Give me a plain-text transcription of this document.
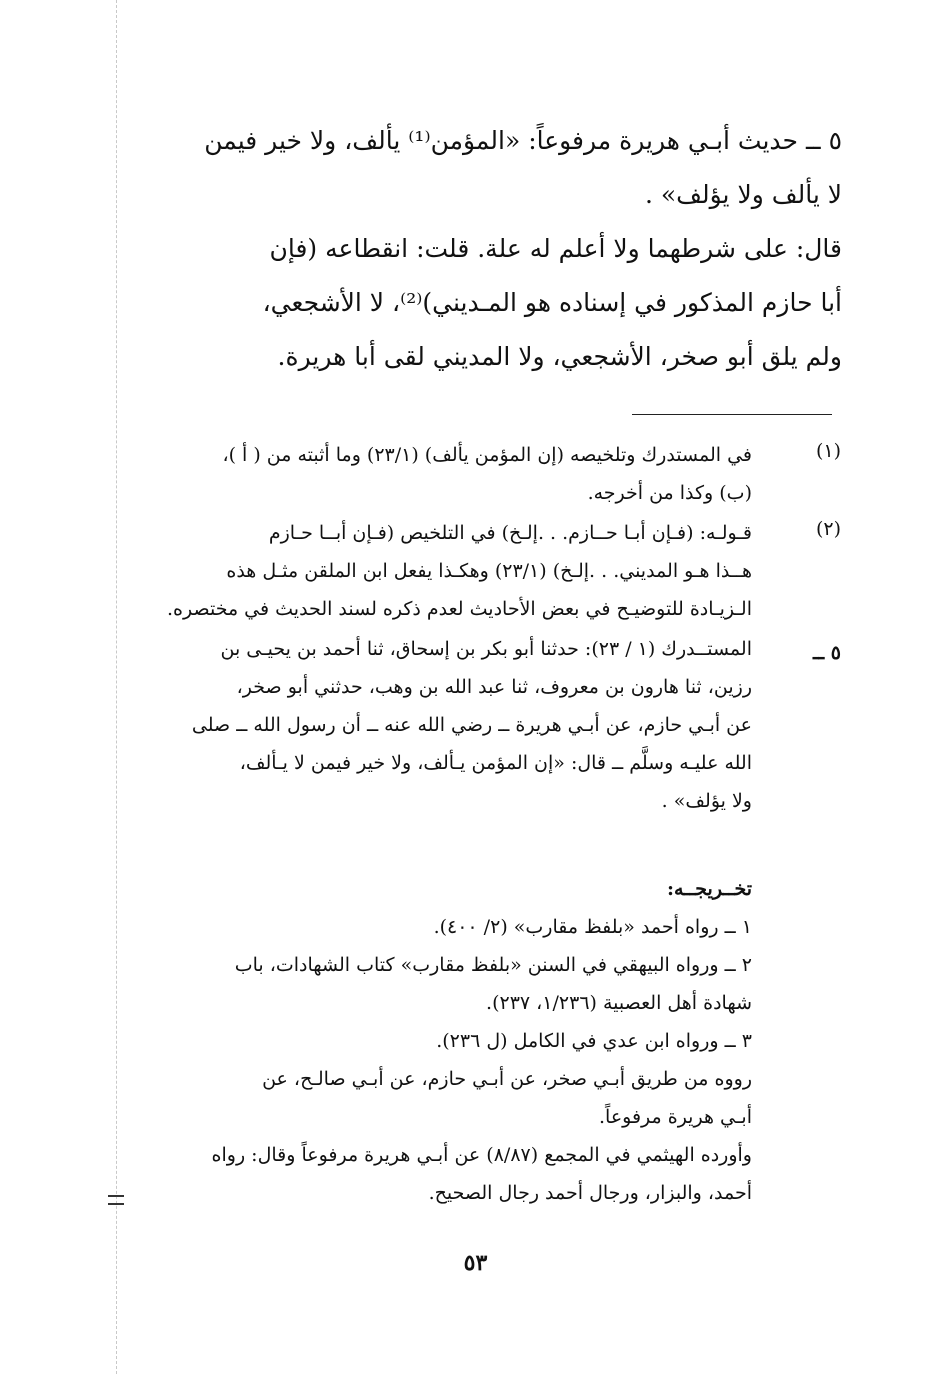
٥ ــ حديث أبـي هريرة مرفوعاً: «المؤمن⁽¹⁾ يألف، ولا خير فيمن
لا يألف ولا يؤلف» .
قال: على شرطهما ولا أعلم له علة. قلت: انقطاعه (فإن
أبا حازم المذكور في إسناده هو المـديني)⁽²⁾، لا الأشجعي،
ولم يلق أبو صخر، الأشجعي، ولا المديني لقى أبا هريرة.
(١)
في المستدرك وتلخيصه (إن المؤمن يألف) (٢٣/١) وما أثبته من ( أ )،
(ب) وكذا من أخرجه.
(٢)
قـولـه: (فـإن أبـا حــازم. . .إلـخ) في التلخيص (فـإن أبــا حـازم
هــذا هـو المديني. . .إلـخ) (٢٣/١) وهكـذا يفعل ابن الملقن مثـل هذه
الـزيـادة للتوضيـح في بعض الأحاديث لعدم ذكره لسند الحديث في مختصره.
٥ ــ
المستــدرك (١ / ٢٣): حدثنا أبو بكر بن إسحاق، ثنا أحمد بن يحيـى بن
رزين، ثنا هارون بن معروف، ثنا عبد الله بن وهب، حدثني أبو صخر،
عن أبـي حازم، عن أبـي هريرة ــ رضي الله عنه ــ أن رسول الله ــ صلى
الله عليـه وسلَّم ــ قال: «إن المؤمن يـألف، ولا خير فيمن لا يـألف،
ولا يؤلف» .
تخــريجــه:
١ ــ رواه أحمد «بلفظ مقارب» (٢/ ٤٠٠).
٢ ــ ورواه البيهقي في السنن «بلفظ مقارب» كتاب الشهادات، باب
شهادة أهل العصبية (١/٢٣٦، ٢٣٧).
٣ ــ ورواه ابن عدي في الكامل (ل ٢٣٦).
رووه من طريق أبـي صخر، عن أبـي حازم، عن أبـي صالـح، عن
أبـي هريرة مرفوعاً.
وأورده الهيثمي في المجمع (٨/٨٧) عن أبـي هريرة مرفوعاً وقال: رواه
أحمد، والبزار، ورجال أحمد رجال الصحيح.
٥٣
